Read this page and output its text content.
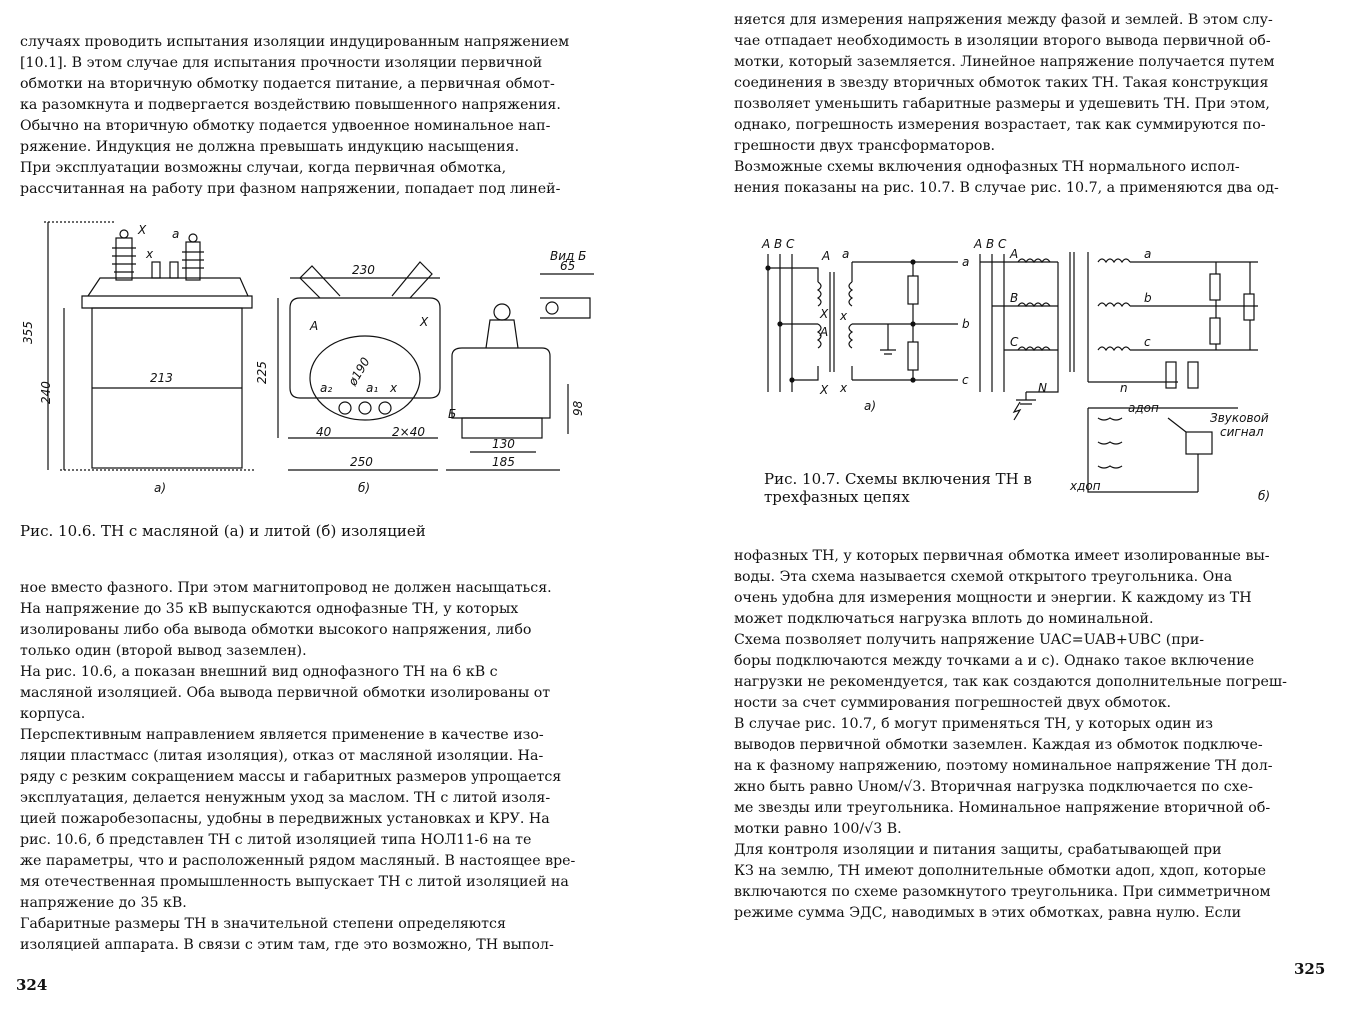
случаях проводить испытания изоляции индуцированным напряжением
[10.1]. В этом случае для испытания прочности изоляции первичной
обмотки на вторичную обмотку подается питание, а первичная обмот-
ка разомкнута и подвергается воздействию повышенного напряжения.
Обычно на вторичную обмотку подается удвоенное номинальное нап-
ряжение. Индукция не должна превышать индукцию насыщения.
При эксплуатации возможны случаи, когда первичная обмотка,
рассчитанная на работу при фазном напряжении, попадает под линей-
355
240
213
230
225	ø190
40	2×40
250
65
98
130
185
X
x
a
A	X
a₂	a₁ x
Б
Вид Б
а)	б)

Рис. 10.6. ТН с масляной (а) и литой (б) изоляцией

ное вместо фазного. При этом магнитопровод не должен насыщаться.
На напряжение до 35 кВ выпускаются однофазные ТН, у которых
изолированы либо оба вывода обмотки высокого напряжения, либо
только один (второй вывод заземлен).
На рис. 10.6, а показан внешний вид однофазного ТН на 6 кВ с
масляной изоляцией. Оба вывода первичной обмотки изолированы от
корпуса.
Перспективным направлением является применение в качестве изо-
ляции пластмасс (литая изоляция), отказ от масляной изоляции. На-
ряду с резким сокращением массы и габаритных размеров упрощается
эксплуатация, делается ненужным уход за маслом. ТН с литой изоля-
цией пожаробезопасны, удобны в передвижных установках и КРУ. На
рис. 10.6, б представлен ТН с литой изоляцией типа НОЛ11-6 на те
же параметры, что и расположенный рядом масляный. В настоящее вре-
мя отечественная промышленность выпускает ТН с литой изоляцией на
напряжение до 35 кВ.
Габаритные размеры ТН в значительной степени определяются
изоляцией аппарата. В связи с этим там, где это возможно, ТН выпол-
324
няется для измерения напряжения между фазой и землей. В этом слу-
чае отпадает необходимость в изоляции второго вывода первичной об-
мотки, который заземляется. Линейное напряжение получается путем
соединения в звезду вторичных обмоток таких ТН. Такая конструкция
позволяет уменьшить габаритные размеры и удешевить ТН. При этом,
однако, погрешность измерения возрастает, так как суммируются по-
грешности двух трансформаторов.
Возможные схемы включения однофазных ТН нормального испол-
нения показаны на рис. 10.7. В случае рис. 10.7, а применяются два од-
A B C
A
X
A
X
a
x
x
a
b
c
а)
A B C
A
B
C
N
a
b
c
n
aдоп
xдоп
Звуковой
сигнал
б)

Рис. 10.7. Схемы включения ТН в

трехфазных цепях

нофазных ТН, у которых первичная обмотка имеет изолированные вы-
воды. Эта схема называется схемой открытого треугольника. Она
очень удобна для измерения мощности и энергии. К каждому из ТН
может подключаться нагрузка вплоть до номинальной.
Схема позволяет получить напряжение UAC=UAB+UBC (при-
боры подключаются между точками а и с). Однако такое включение
нагрузки не рекомендуется, так как создаются дополнительные погреш-
ности за счет суммирования погрешностей двух обмоток.
В случае рис. 10.7, б могут применяться ТН, у которых один из
выводов первичной обмотки заземлен. Каждая из обмоток подключе-
на к фазному напряжению, поэтому номинальное напряжение ТН дол-
жно быть равно Uном/√3. Вторичная нагрузка подключается по схе-
ме звезды или треугольника. Номинальное напряжение вторичной об-
мотки равно 100/√3 В.
Для контроля изоляции и питания защиты, срабатывающей при
КЗ на землю, ТН имеют дополнительные обмотки aдоп, xдоп, которые
включаются по схеме разомкнутого треугольника. При симметричном
режиме сумма ЭДС, наводимых в этих обмотках, равна нулю. Если
325
